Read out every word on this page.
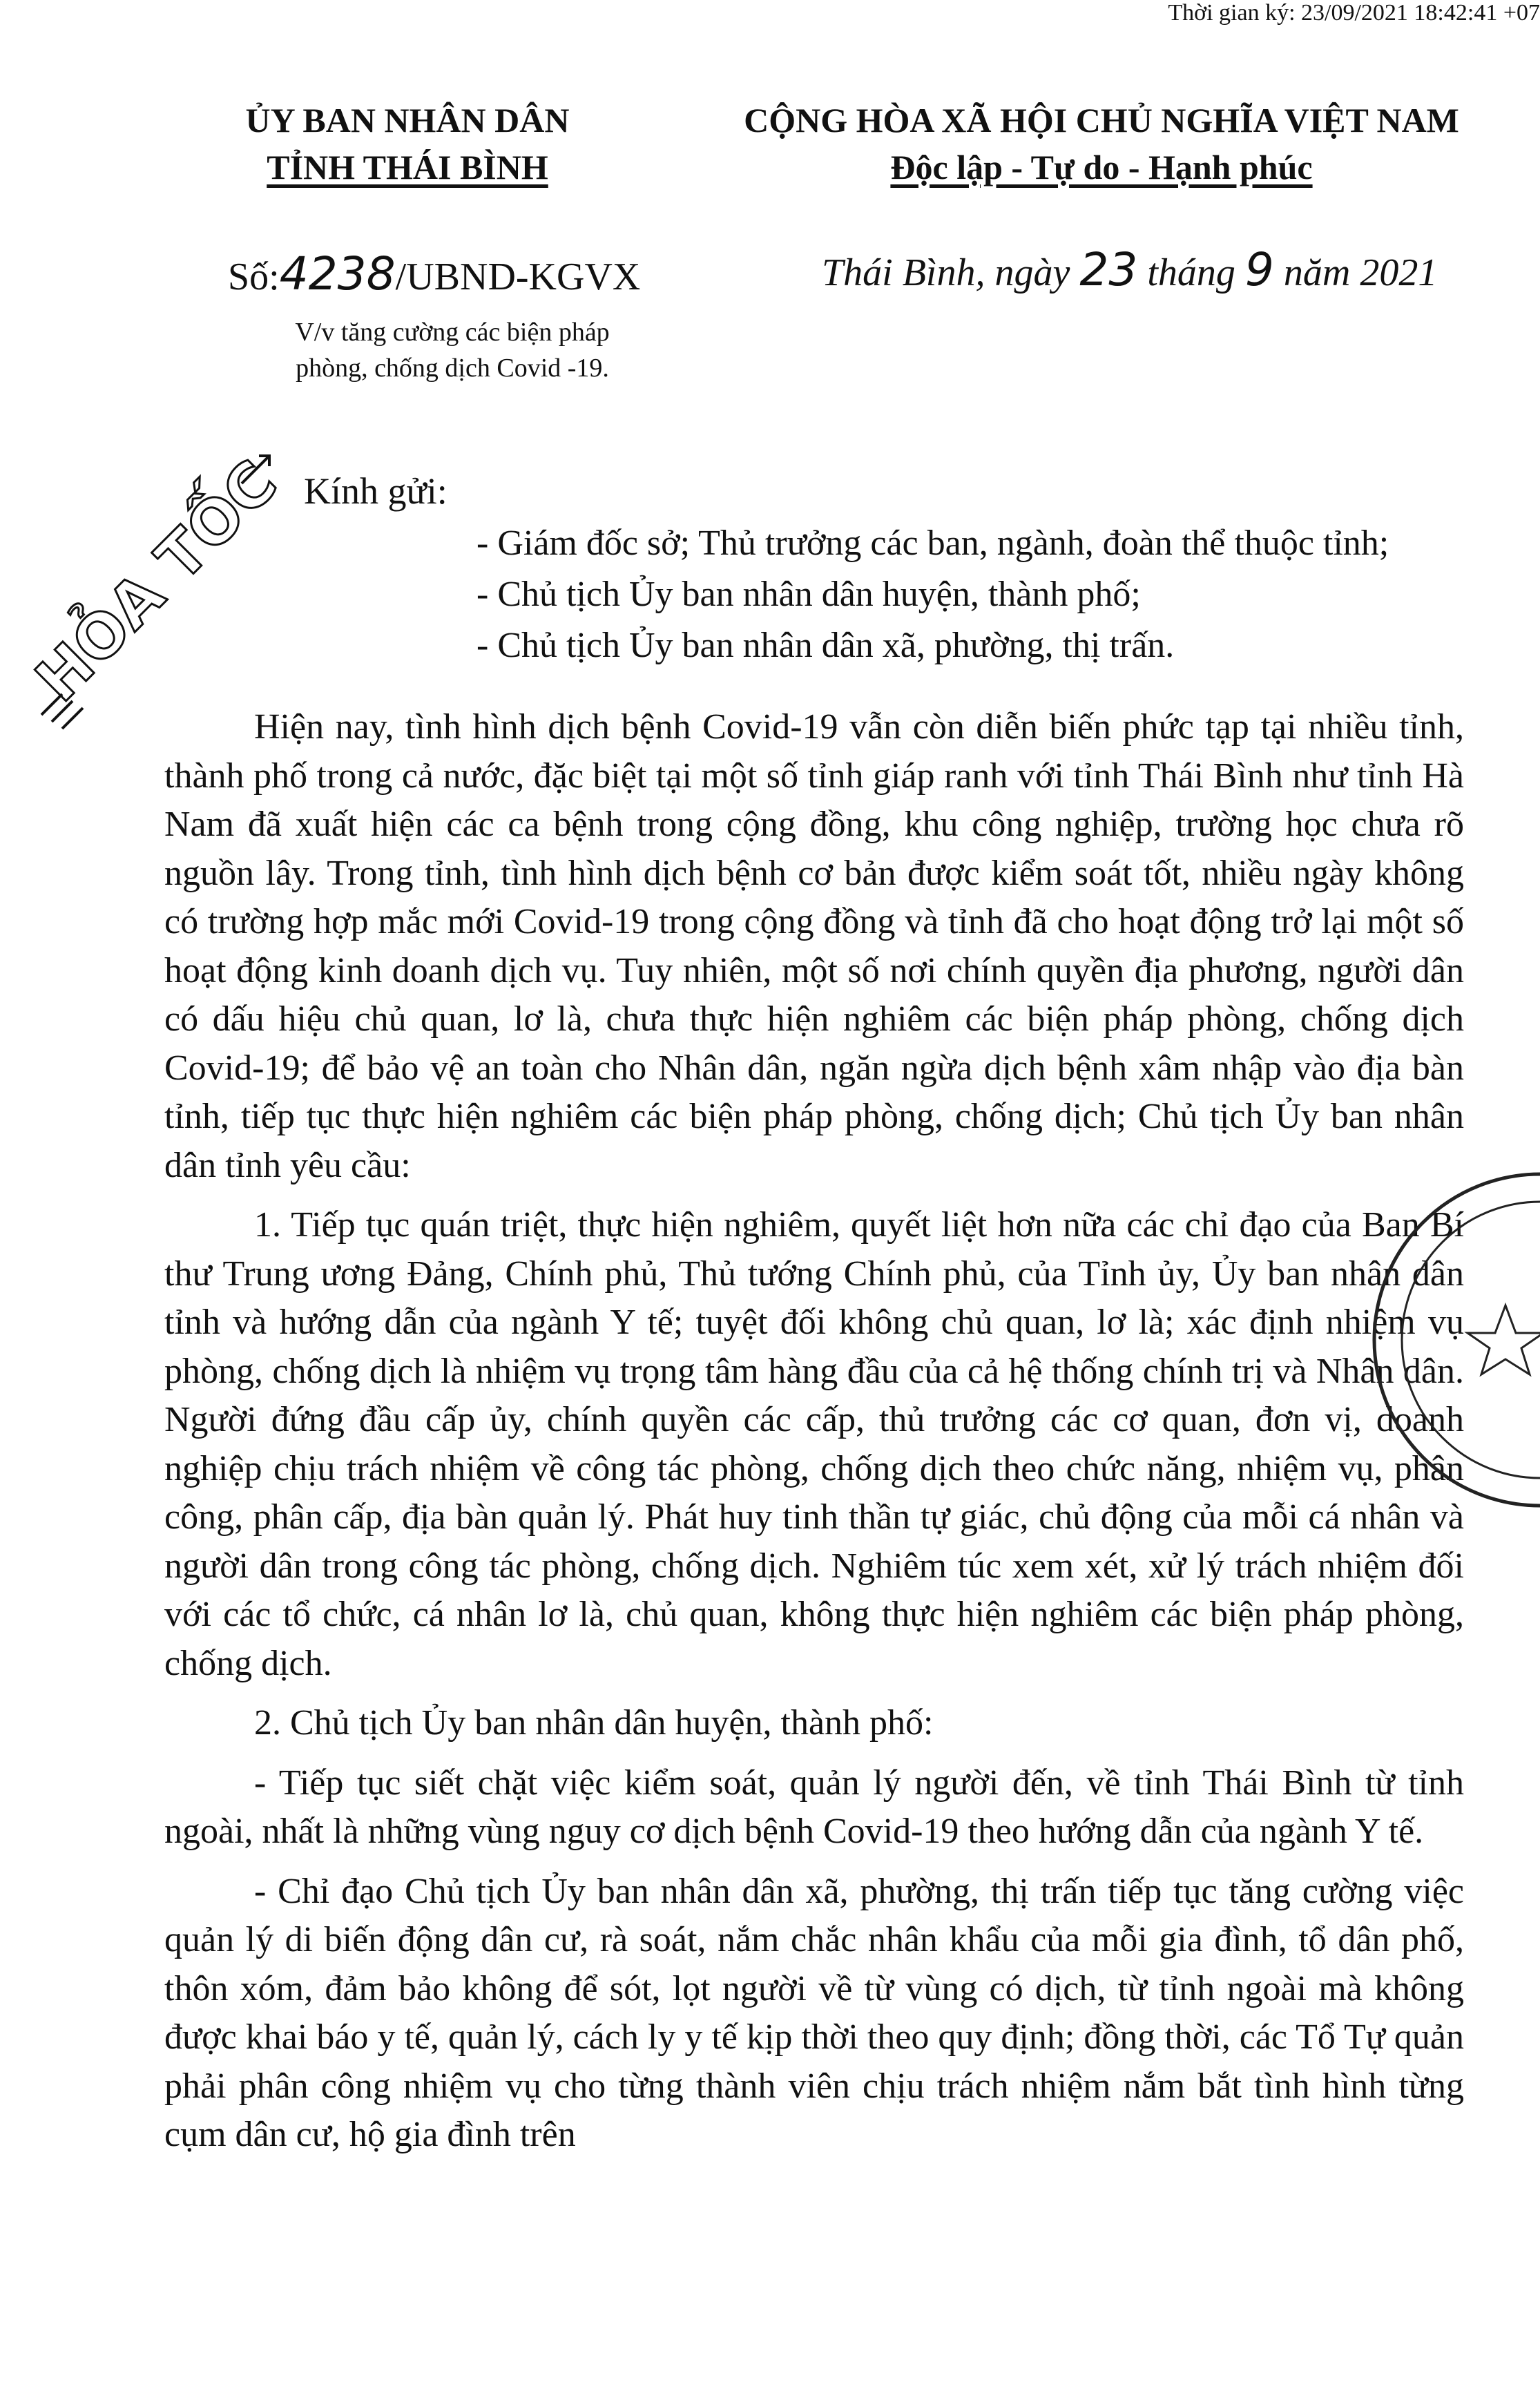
Thời gian ký: 23/09/2021 18:42:41 +07
ỦY BAN NHÂN DÂN
TỈNH THÁI BÌNH
CỘNG HÒA XÃ HỘI CHỦ NGHĨA VIỆT NAM
Độc lập - Tự do - Hạnh phúc
Số:4238/UBND-KGVX	Thái Bình, ngày 23 tháng 9 năm 2021
V/v tăng cường các biện pháp
phòng, chống dịch Covid -19.
HỎA TỐC Kính gửi:
- Giám đốc sở; Thủ trưởng các ban, ngành, đoàn thể thuộc tỉnh;
- Chủ tịch Ủy ban nhân dân huyện, thành phố;
- Chủ tịch Ủy ban nhân dân xã, phường, thị trấn.

Hiện nay, tình hình dịch bệnh Covid-19 vẫn còn diễn biến phức tạp tại nhiều tỉnh, thành phố trong cả nước, đặc biệt tại một số tỉnh giáp ranh với tỉnh Thái Bình như tỉnh Hà Nam đã xuất hiện các ca bệnh trong cộng đồng, khu công nghiệp, trường học chưa rõ nguồn lây. Trong tỉnh, tình hình dịch bệnh cơ bản được kiểm soát tốt, nhiều ngày không có trường hợp mắc mới Covid-19 trong cộng đồng và tỉnh đã cho hoạt động trở lại một số hoạt động kinh doanh dịch vụ. Tuy nhiên, một số nơi chính quyền địa phương, người dân có dấu hiệu chủ quan, lơ là, chưa thực hiện nghiêm các biện pháp phòng, chống dịch Covid-19; để bảo vệ an toàn cho Nhân dân, ngăn ngừa dịch bệnh xâm nhập vào địa bàn tỉnh, tiếp tục thực hiện nghiêm các biện pháp phòng, chống dịch; Chủ tịch Ủy ban nhân dân tỉnh yêu cầu:

1. Tiếp tục quán triệt, thực hiện nghiêm, quyết liệt hơn nữa các chỉ đạo của Ban Bí thư Trung ương Đảng, Chính phủ, Thủ tướng Chính phủ, của Tỉnh ủy, Ủy ban nhân dân tỉnh và hướng dẫn của ngành Y tế; tuyệt đối không chủ quan, lơ là; xác định nhiệm vụ phòng, chống dịch là nhiệm vụ trọng tâm hàng đầu của cả hệ thống chính trị và Nhân dân. Người đứng đầu cấp ủy, chính quyền các cấp, thủ trưởng các cơ quan, đơn vị, doanh nghiệp chịu trách nhiệm về công tác phòng, chống dịch theo chức năng, nhiệm vụ, phân công, phân cấp, địa bàn quản lý. Phát huy tinh thần tự giác, chủ động của mỗi cá nhân và người dân trong công tác phòng, chống dịch. Nghiêm túc xem xét, xử lý trách nhiệm đối với các tổ chức, cá nhân lơ là, chủ quan, không thực hiện nghiêm các biện pháp phòng, chống dịch.

2. Chủ tịch Ủy ban nhân dân huyện, thành phố:

- Tiếp tục siết chặt việc kiểm soát, quản lý người đến, về tỉnh Thái Bình từ tỉnh ngoài, nhất là những vùng nguy cơ dịch bệnh Covid-19 theo hướng dẫn của ngành Y tế.

- Chỉ đạo Chủ tịch Ủy ban nhân dân xã, phường, thị trấn tiếp tục tăng cường việc quản lý di biến động dân cư, rà soát, nắm chắc nhân khẩu của mỗi gia đình, tổ dân phố, thôn xóm, đảm bảo không để sót, lọt người về từ vùng có dịch, từ tỉnh ngoài mà không được khai báo y tế, quản lý, cách ly y tế kịp thời theo quy định; đồng thời, các Tổ Tự quản phải phân công nhiệm vụ cho từng thành viên chịu trách nhiệm nắm bắt tình hình từng cụm dân cư, hộ gia đình trên
